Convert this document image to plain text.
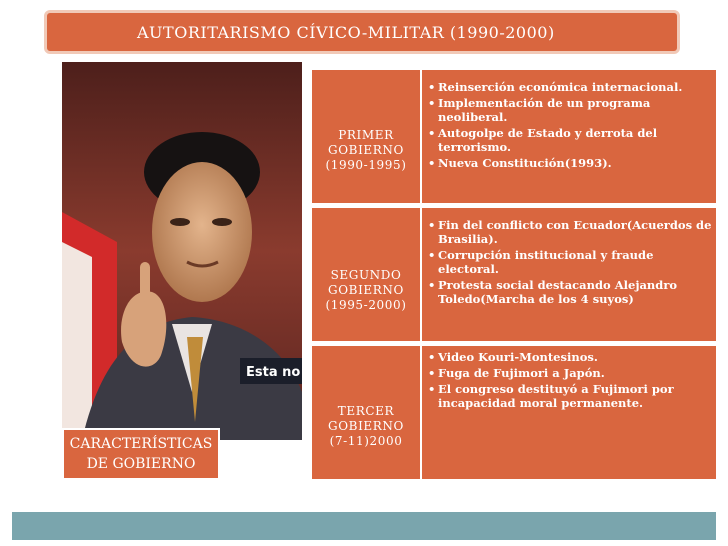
AUTORITARISMO CÍVICO-MILITAR (1990-2000)
Esta no
CARACTERÍSTICAS
DE GOBIERNO
PRIMER
GOBIERNO
(1990-1995)
• Reinserción económica internacional.
• Implementación de un programa neoliberal.
• Autogolpe de Estado y derrota del terrorismo.
• Nueva Constitución(1993).
SEGUNDO
GOBIERNO
(1995-2000)
• Fin del conflicto con Ecuador(Acuerdos de Brasilia).
• Corrupción institucional y fraude electoral.
• Protesta social destacando Alejandro Toledo(Marcha de los 4 suyos)
TERCER
GOBIERNO
(7-11)2000
• Video Kouri-Montesinos.
• Fuga de Fujimori a Japón.
• El congreso destituyó a Fujimori por incapacidad moral permanente.
